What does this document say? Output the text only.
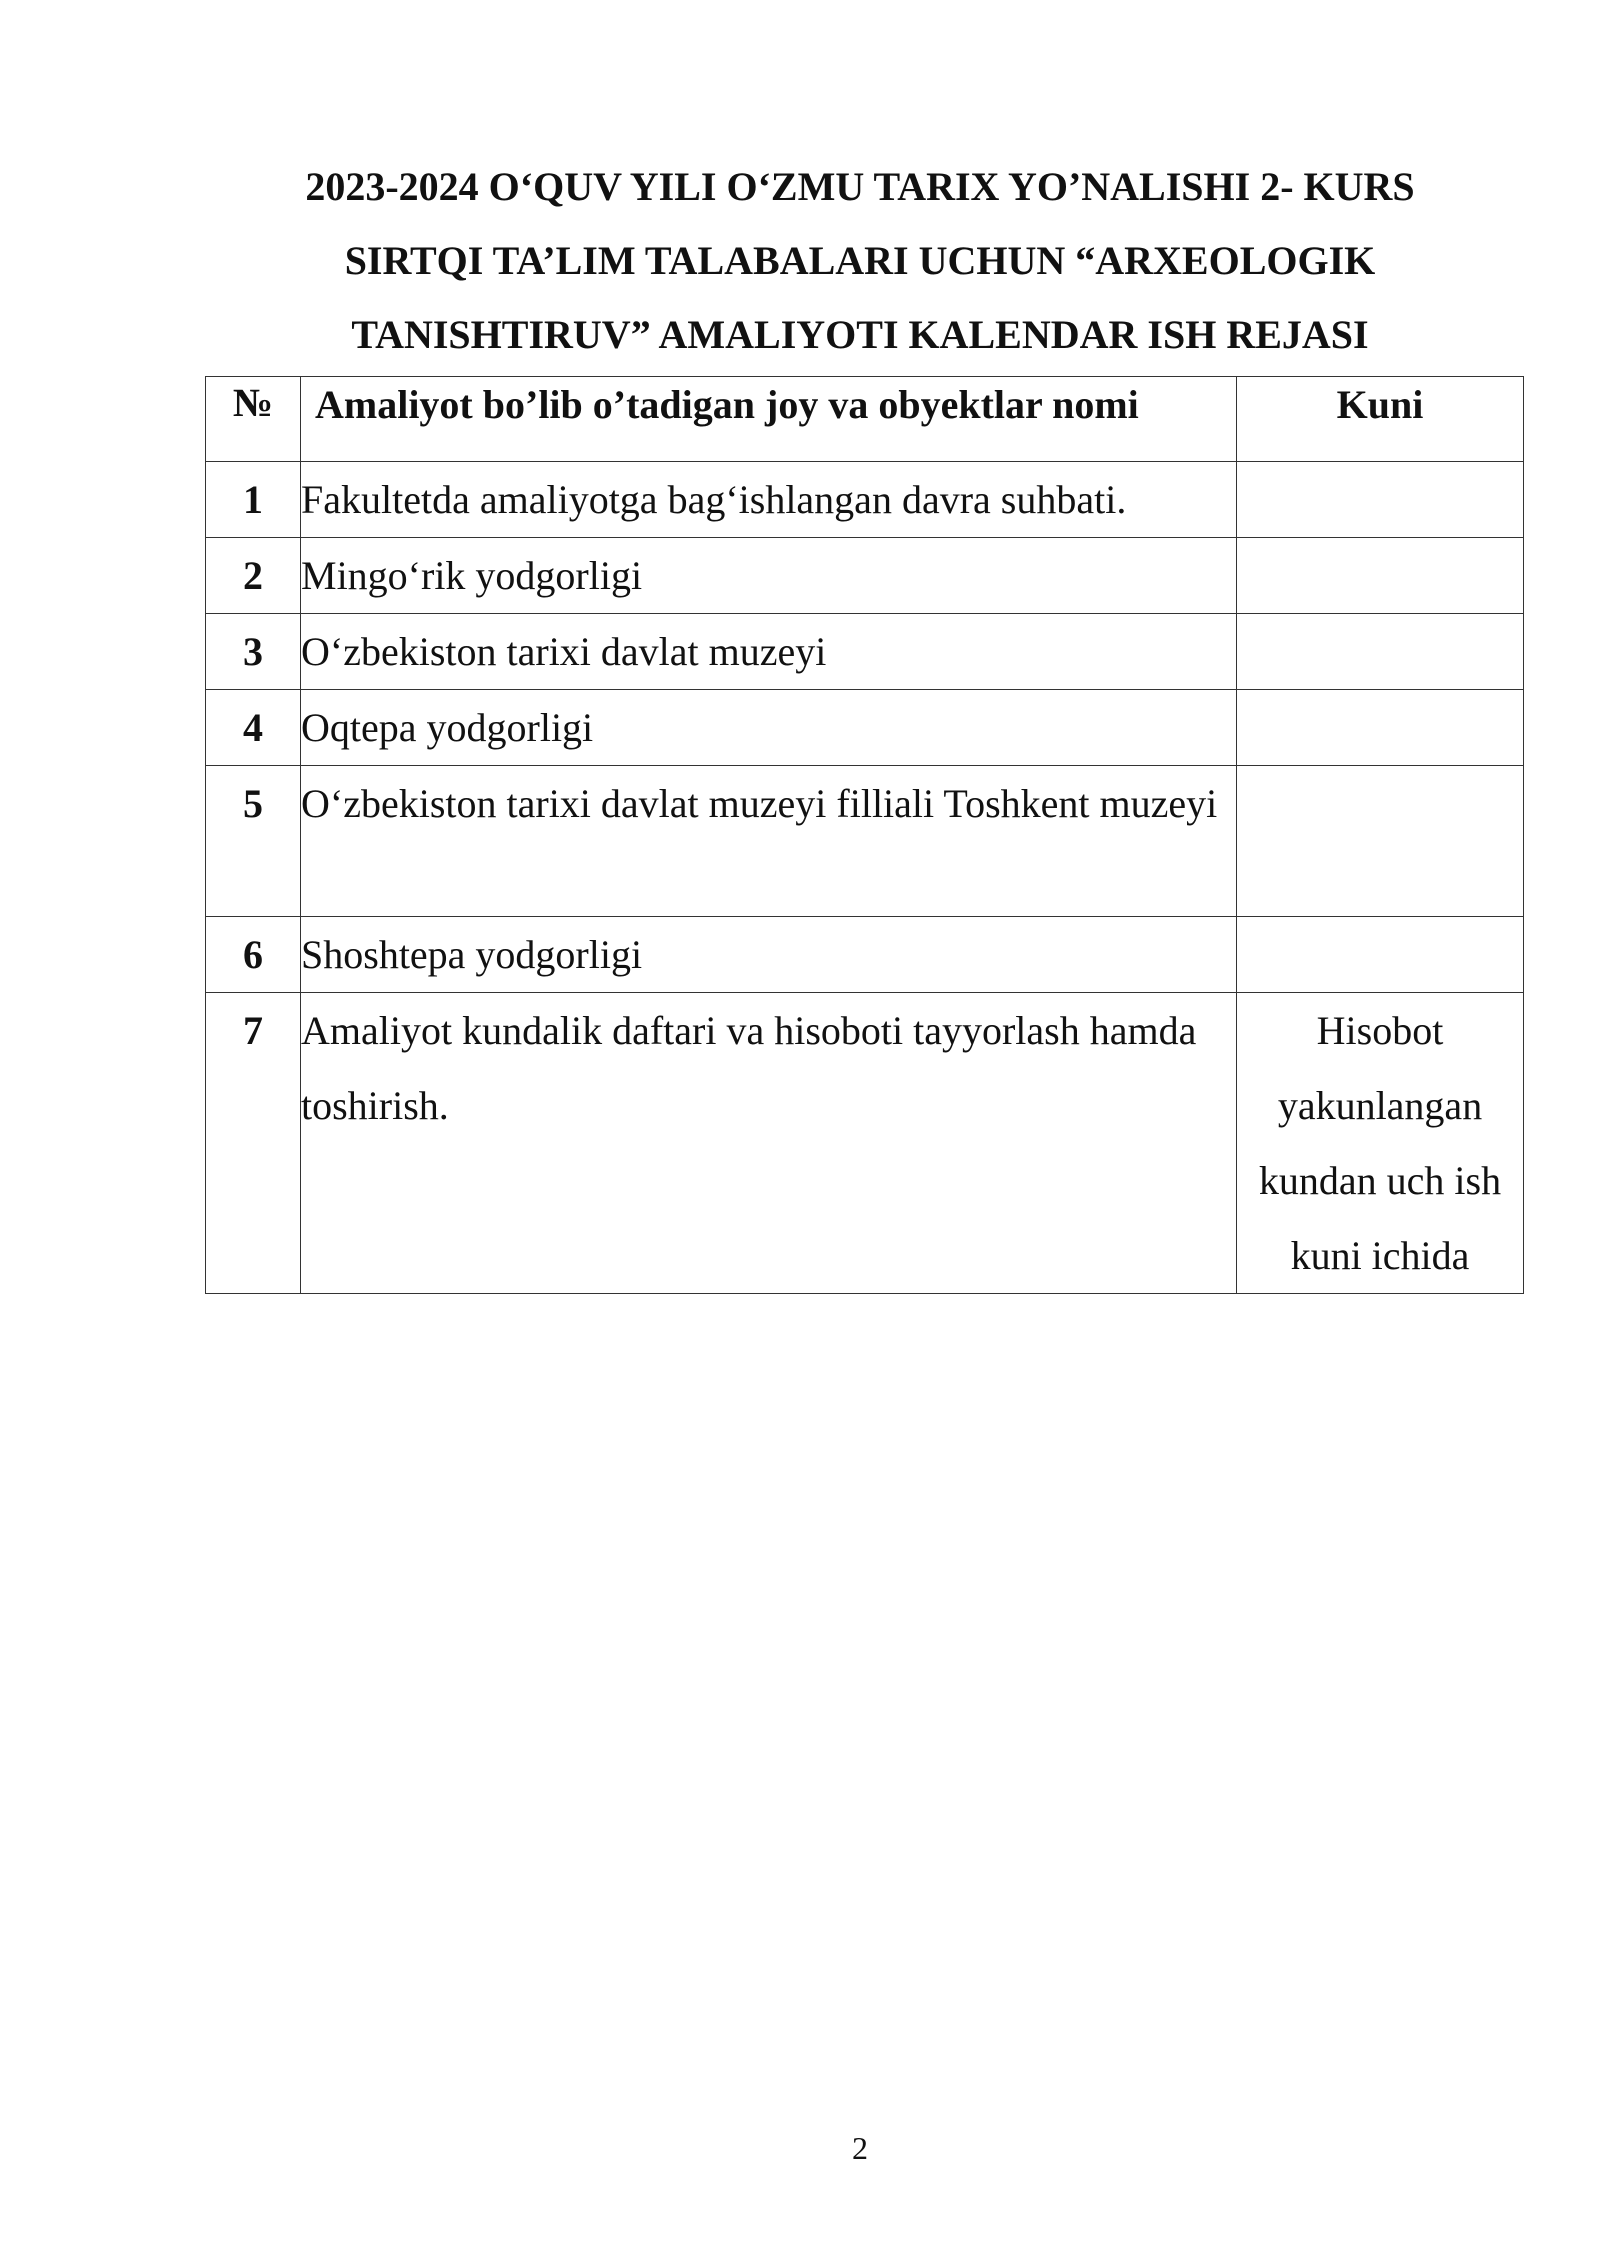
2023-2024 O‘QUV YILI O‘ZMU TARIX YO’NALISHI 2- KURS
SIRTQI TA’LIM TALABALARI UCHUN “ARXEOLOGIK
TANISHTIRUV” AMALIYOTI KALENDAR ISH REJASI
№	Amaliyot bo’lib o’tadigan joy va obyektlar nomi	Kuni
1	Fakultetda amaliyotga bag‘ishlangan davra suhbati.	
2	Mingo‘rik yodgorligi	
3	O‘zbekiston tarixi davlat muzeyi	
4	Oqtepa yodgorligi	
5	O‘zbekiston tarixi davlat muzeyi filliali Toshkent muzeyi	
6	Shoshtepa yodgorligi	
7	Amaliyot kundalik daftari va hisoboti tayyorlash hamda toshirish.	Hisobot yakunlangan kundan uch ish kuni ichida
2
